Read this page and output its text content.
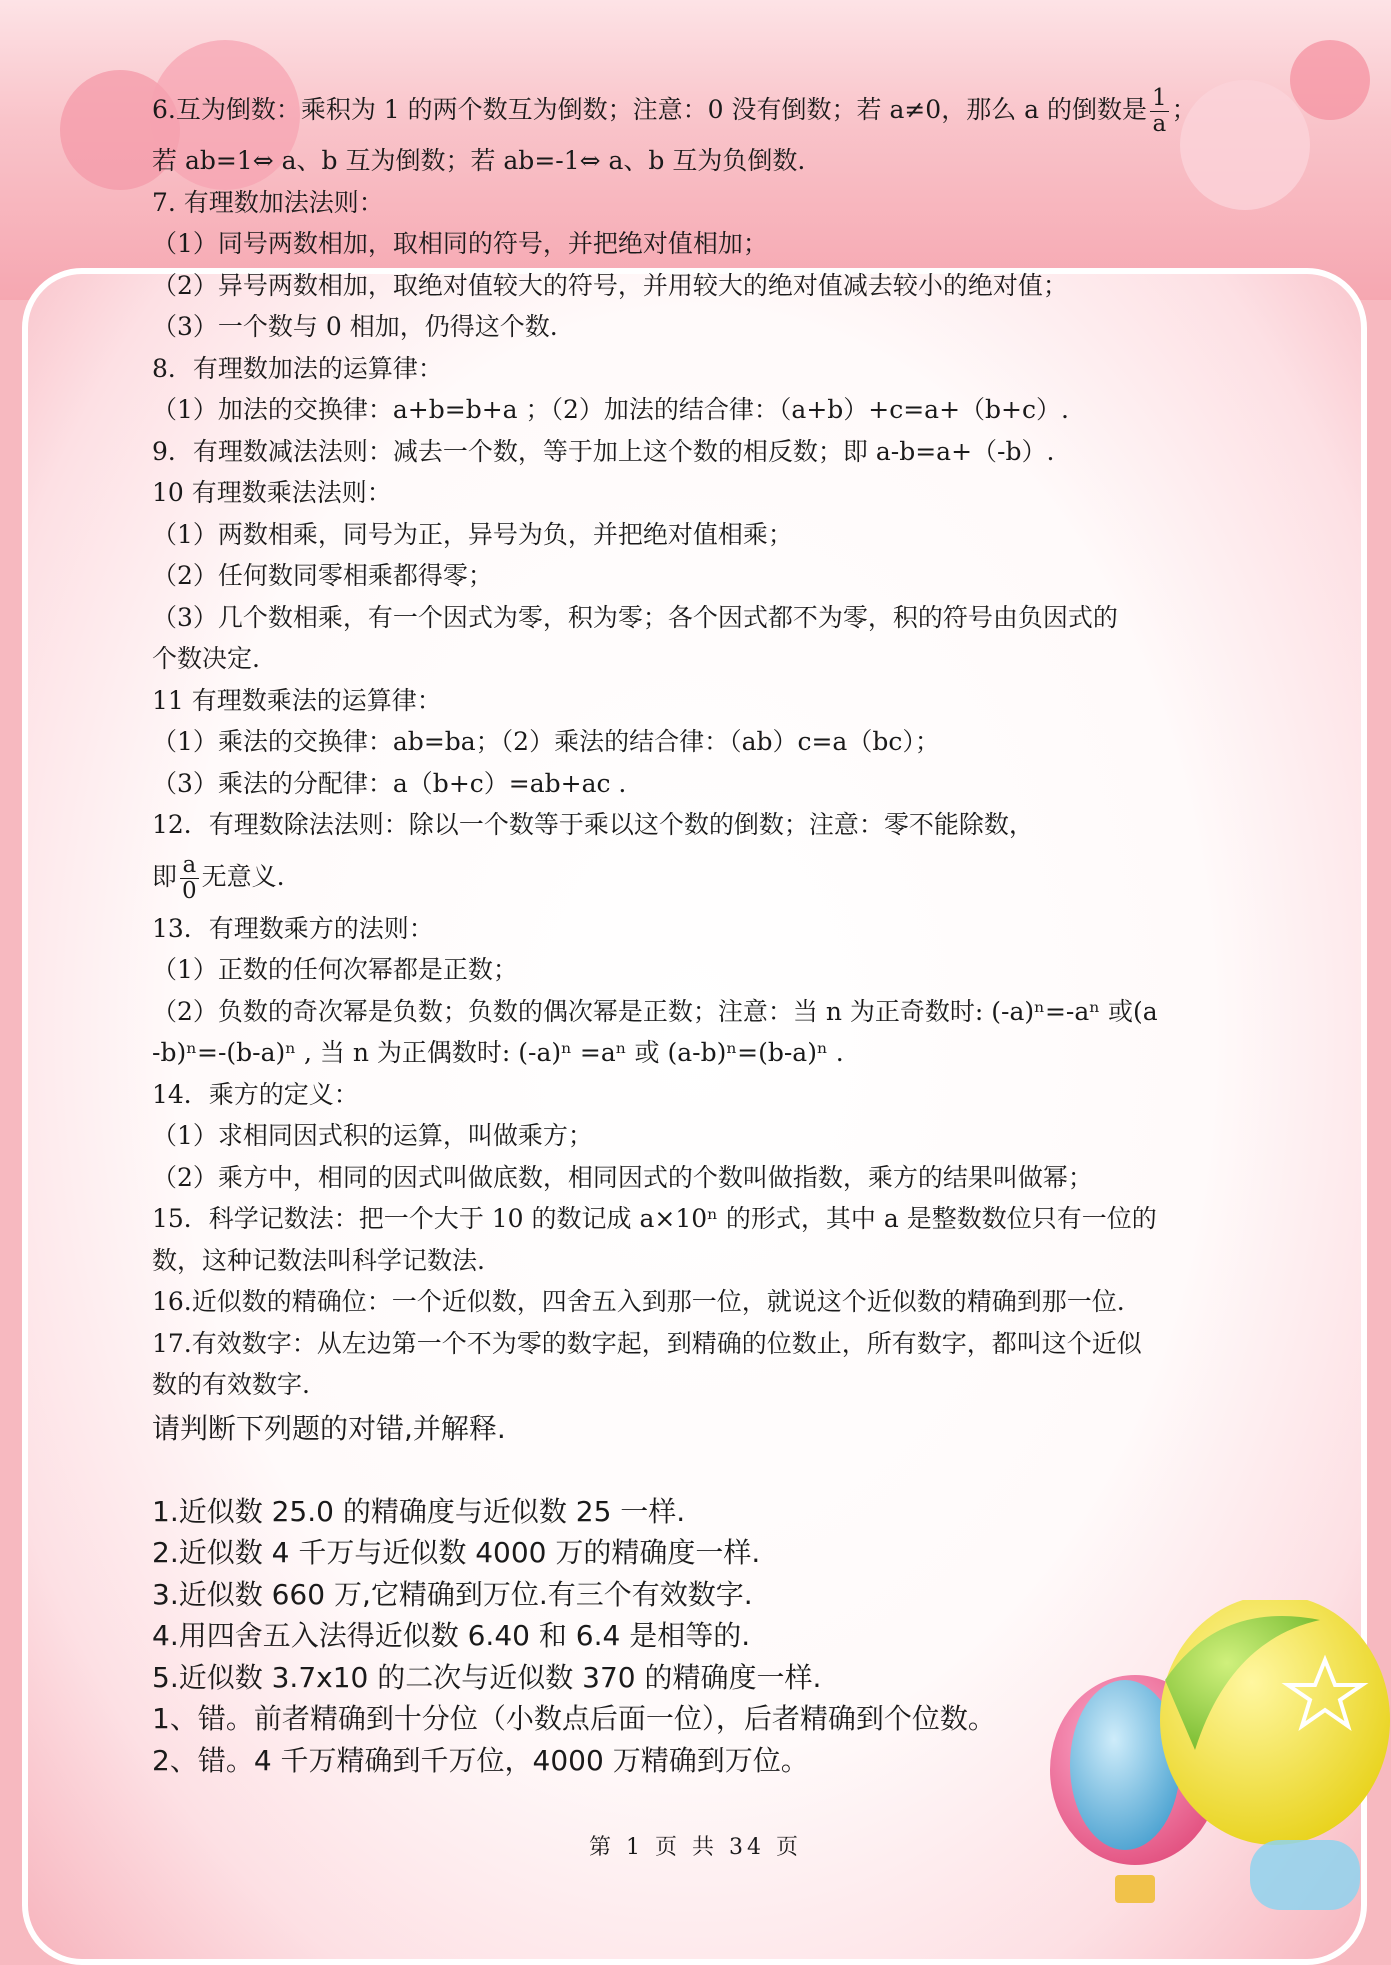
6.互为倒数：乘积为 1 的两个数互为倒数；注意：0 没有倒数；若 a≠0，那么 a 的倒数是 $\frac{1}{a}$ ；
若 ab=1⇔ a、b 互为倒数；若 ab=-1⇔ a、b 互为负倒数.
7. 有理数加法法则：
（1）同号两数相加，取相同的符号，并把绝对值相加；
（2）异号两数相加，取绝对值较大的符号，并用较大的绝对值减去较小的绝对值；
（3）一个数与 0 相加，仍得这个数.
8．有理数加法的运算律：
（1）加法的交换律：a+b=b+a ；（2）加法的结合律：（a+b）+c=a+（b+c）.
9．有理数减法法则：减去一个数，等于加上这个数的相反数；即 a-b=a+（-b）.
10 有理数乘法法则：
（1）两数相乘，同号为正，异号为负，并把绝对值相乘；
（2）任何数同零相乘都得零；
（3）几个数相乘，有一个因式为零，积为零；各个因式都不为零，积的符号由负因式的
个数决定.
11 有理数乘法的运算律：
（1）乘法的交换律：ab=ba；（2）乘法的结合律：（ab）c=a（bc）；
（3）乘法的分配律：a（b+c）=ab+ac .
12．有理数除法法则：除以一个数等于乘以这个数的倒数；注意：零不能除数，
即 $\frac{a}{0}$ 无意义.
13．有理数乘方的法则：
（1）正数的任何次幂都是正数；
（2）负数的奇次幂是负数；负数的偶次幂是正数；注意：当 n 为正奇数时: (-a)ⁿ=-aⁿ 或(a
-b)ⁿ=-(b-a)ⁿ , 当 n 为正偶数时: (-a)ⁿ =aⁿ 或 (a-b)ⁿ=(b-a)ⁿ .
14．乘方的定义：
（1）求相同因式积的运算，叫做乘方；
（2）乘方中，相同的因式叫做底数，相同因式的个数叫做指数，乘方的结果叫做幂；
15．科学记数法：把一个大于 10 的数记成 a×10ⁿ 的形式，其中 a 是整数数位只有一位的
数，这种记数法叫科学记数法.
16.近似数的精确位：一个近似数，四舍五入到那一位，就说这个近似数的精确到那一位.
17.有效数字：从左边第一个不为零的数字起，到精确的位数止，所有数字，都叫这个近似
数的有效数字.
请判断下列题的对错,并解释.
1.近似数 25.0 的精确度与近似数 25 一样.
2.近似数 4 千万与近似数 4000 万的精确度一样.
3.近似数 660 万,它精确到万位.有三个有效数字.
4.用四舍五入法得近似数 6.40 和 6.4 是相等的.
5.近似数 3.7x10 的二次与近似数 370 的精确度一样.
1、错。前者精确到十分位（小数点后面一位），后者精确到个位数。
2、错。4 千万精确到千万位，4000 万精确到万位。
第 1 页 共 34 页
